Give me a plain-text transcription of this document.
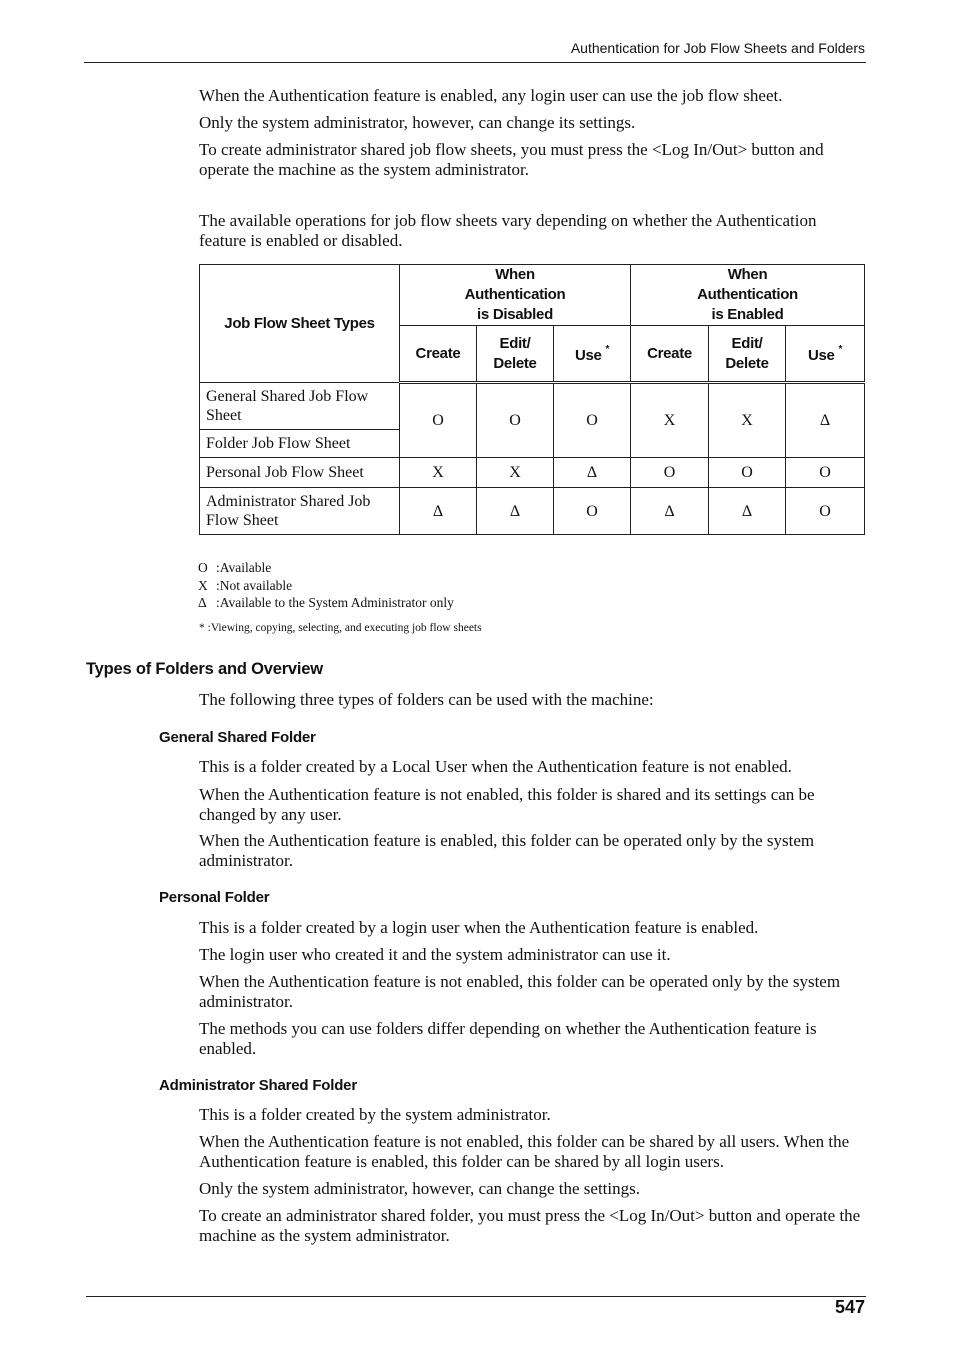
Authentication for Job Flow Sheets and Folders

When the Authentication feature is enabled, any login user can use the job flow sheet.

Only the system administrator, however, can change its settings.

To create administrator shared job flow sheets, you must press the <Log In/Out> button and operate the machine as the system administrator.

The available operations for job flow sheets vary depending on whether the Authentication feature is enabled or disabled.

Job Flow Sheet Types	When Authentication is Disabled			When Authentication is Enabled		
	Create	Edit/ Delete	Use *	Create	Edit/ Delete	Use *
General Shared Job Flow Sheet	O	O	O	X	X	Δ
Folder Job Flow Sheet						
Personal Job Flow Sheet	X	X	Δ	O	O	O
Administrator Shared Job Flow Sheet	Δ	Δ	O	Δ	Δ	O
O :Available
X :Not available
Δ :Available to the System Administrator only
* :Viewing, copying, selecting, and executing job flow sheets
Types of Folders and Overview

The following three types of folders can be used with the machine:

General Shared Folder

This is a folder created by a Local User when the Authentication feature is not enabled.

When the Authentication feature is not enabled, this folder is shared and its settings can be changed by any user.

When the Authentication feature is enabled, this folder can be operated only by the system administrator.

Personal Folder

This is a folder created by a login user when the Authentication feature is enabled.

The login user who created it and the system administrator can use it.

When the Authentication feature is not enabled, this folder can be operated only by the system administrator.

The methods you can use folders differ depending on whether the Authentication feature is enabled.

Administrator Shared Folder

This is a folder created by the system administrator.

When the Authentication feature is not enabled, this folder can be shared by all users. When the Authentication feature is enabled, this folder can be shared by all login users.

Only the system administrator, however, can change the settings.

To create an administrator shared folder, you must press the <Log In/Out> button and operate the machine as the system administrator.

547
